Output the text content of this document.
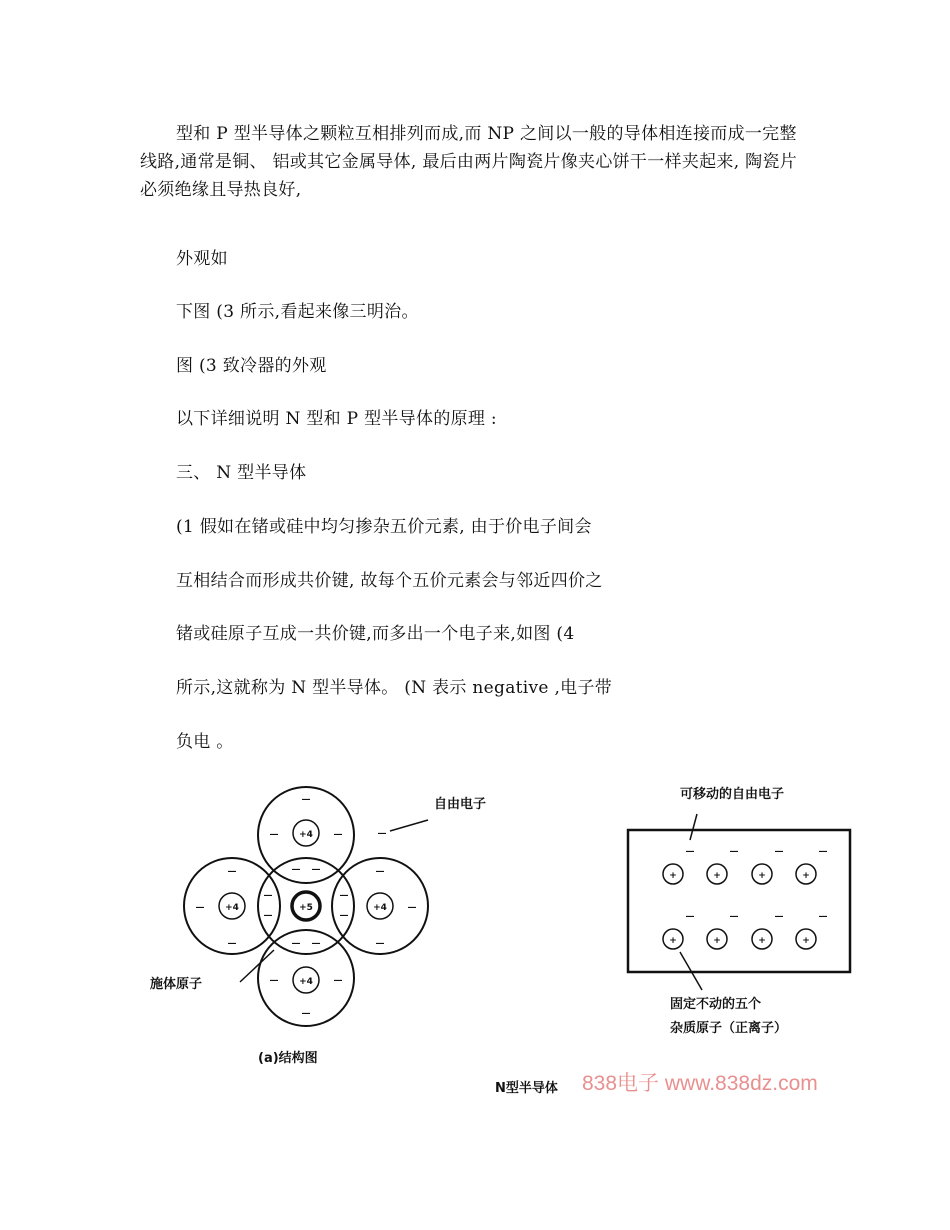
型和 P 型半导体之颗粒互相排列而成,而 NP 之间以一般的导体相连接而成一完整线路,通常是铜、 铝或其它金属导体, 最后由两片陶瓷片像夹心饼干一样夹起来, 陶瓷片必须绝缘且导热良好,

外观如

下图 (3 所示,看起来像三明治。

图 (3 致冷器的外观

以下详细说明 N 型和 P 型半导体的原理 :

三、 N 型半导体

(1 假如在锗或硅中均匀掺杂五价元素, 由于价电子间会

互相结合而形成共价键, 故每个五价元素会与邻近四价之

锗或硅原子互成一共价键,而多出一个电子来,如图 (4

所示,这就称为 N 型半导体。 (N 表示 negative ,电子带

负电 。

+4
+4	+5	+4
+4
—
—	—
— —
—
—
—
—
—
—
—
—
—
—
— —
—	—
—
—
自由电子
施体原子
(a)结构图
+	+	+	+
+	+	+	+
—	—	—	—
—	—	—	—
可移动的自由电子
固定不动的五个
杂质原子（正离子）
N型半导体 838电子 www.838dz.com
